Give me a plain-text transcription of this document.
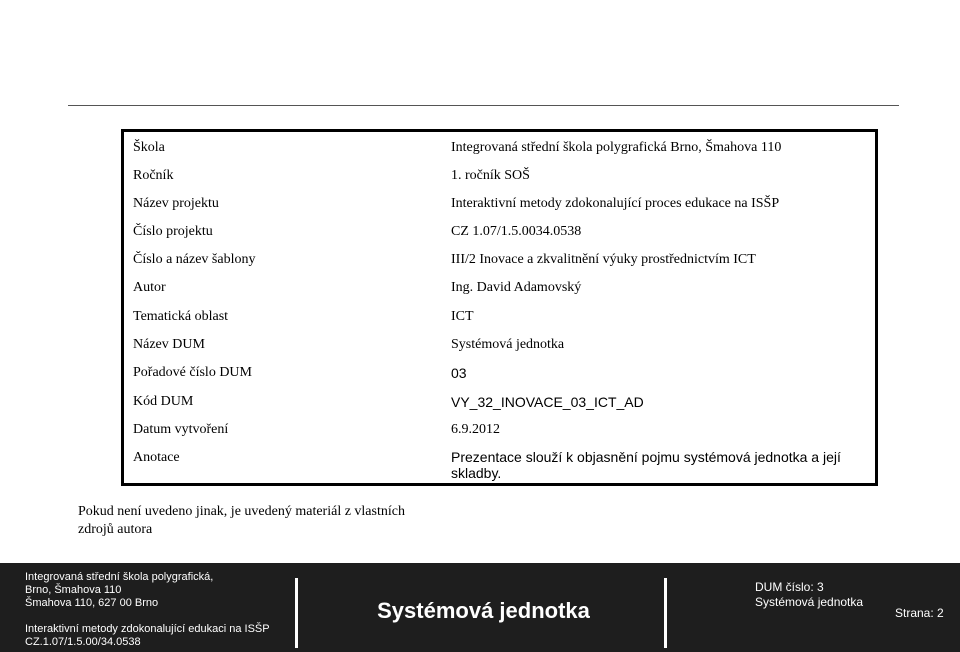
Škola	Integrovaná střední škola polygrafická Brno, Šmahova 110
Ročník	1. ročník SOŠ
Název projektu	Interaktivní metody zdokonalující proces edukace na ISŠP
Číslo projektu	CZ 1.07/1.5.0034.0538
Číslo a název šablony	III/2 Inovace a zkvalitnění výuky prostřednictvím ICT
Autor	Ing. David Adamovský
Tematická oblast	ICT
Název DUM	Systémová jednotka
Pořadové číslo DUM	03
Kód DUM	VY_32_INOVACE_03_ICT_AD
Datum vytvoření	6.9.2012
Anotace	Prezentace slouží k objasnění pojmu systémová jednotka a její skladby.
Pokud není uvedeno jinak, je uvedený materiál z vlastních zdrojů autora
Integrovaná střední škola polygrafická,
Brno, Šmahova 110
Šmahova 110, 627 00 Brno
Interaktivní metody zdokonalující edukaci na ISŠP
CZ.1.07/1.5.00/34.0538
Systémová jednotka
DUM číslo: 3
Systémová jednotka
Strana: 2
